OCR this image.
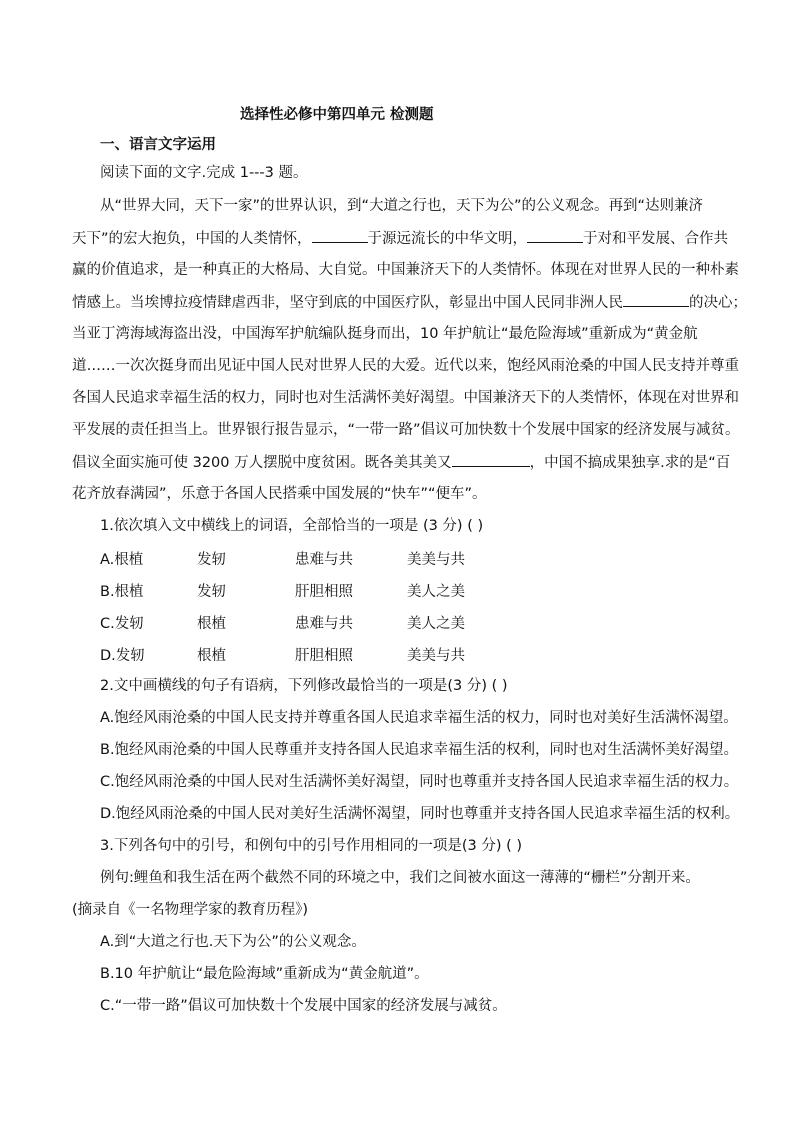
选择性必修中第四单元 检测题
一、语言文字运用
阅读下面的文字.完成 1---3 题。
从“世界大同，天下一家”的世界认识，到“大道之行也，天下为公”的公义观念。再到“达则兼济
天下”的宏大抱负，中国的人类情怀，	于源远流长的中华文明，	于对和平发展、合作共
赢的价值追求，是一种真正的大格局、大自觉。中国兼济天下的人类情怀。体现在对世界人民的一种朴素
情感上。当埃博拉疫情肆虐西非，坚守到底的中国医疗队，彰显出中国人民同非洲人民	的决心；
当亚丁湾海域海盗出没，中国海军护航编队挺身而出，10 年护航让“最危险海域”重新成为“黄金航
道……一次次挺身而出见证中国人民对世界人民的大爱。近代以来，饱经风雨沧桑的中国人民支持并尊重
各国人民追求幸福生活的权力，同时也对生活满怀美好渴望。中国兼济天下的人类情怀，体现在对世界和
平发展的责任担当上。世界银行报告显示，“一带一路”倡议可加快数十个发展中国家的经济发展与减贫。
倡议全面实施可使 3200 万人摆脱中度贫困。既各美其美又	，中国不搞成果独享.求的是“百
花齐放春满园”，乐意于各国人民搭乘中国发展的“快车”“便车”。
1.依次填入文中横线上的词语，全部恰当的一项是 (3 分) ( )
A.根植	发轫	患难与共	美美与共
B.根植	发轫	肝胆相照	美人之美
C.发轫	根植	患难与共	美人之美
D.发轫	根植	肝胆相照	美美与共
2.文中画横线的句子有语病，下列修改最恰当的一项是(3 分) ( )
A.饱经风雨沧桑的中国人民支持并尊重各国人民追求幸福生活的权力，同时也对美好生活满怀渴望。
B.饱经风雨沧桑的中国人民尊重并支持各国人民追求幸福生活的权利，同时也对生活满怀美好渴望。
C.饱经风雨沧桑的中国人民对生活满怀美好渴望，同时也尊重并支持各国人民追求幸福生活的权力。
D.饱经风雨沧桑的中国人民对美好生活满怀渴望，同时也尊重并支持各国人民追求幸福生活的权利。
3.下列各句中的引号，和例句中的引号作用相同的一项是(3 分) ( )
例句:鲤鱼和我生活在两个截然不同的环境之中，我们之间被水面这一薄薄的“栅栏”分割开来。
(摘录自《一名物理学家的教育历程》)
A.到“大道之行也.天下为公”的公义观念。
B.10 年护航让“最危险海域”重新成为“黄金航道”。
C.“一带一路”倡议可加快数十个发展中国家的经济发展与减贫。
